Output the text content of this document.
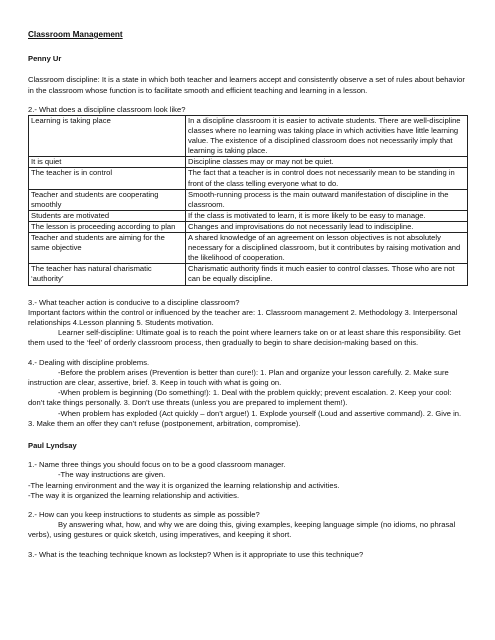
Classroom Management

Penny Ur

Classroom discipline: It is a state in which both teacher and learners accept and consistently observe a set of rules about behavior in the classroom whose function is to facilitate smooth and efficient teaching and learning in a lesson.

2.- What does a discipline classroom look like?

Learning is taking place	In a discipline classroom it is easier to activate students. There are well-discipline classes where no learning was taking place in which activities have little learning value. The existence of a disciplined classroom does not necessarily imply that learning is taking place.
It is quiet	Discipline classes may or may not be quiet.
The teacher is in control	The fact that a teacher is in control does not necessarily mean to be standing in front of the class telling everyone what to do.
Teacher and students are cooperating smoothly	Smooth-running process is the main outward manifestation of discipline in the classroom.
Students are motivated	If the class is motivated to learn, it is more likely to be easy to manage.
The lesson is proceeding according to plan	Changes and improvisations do not necessarily lead to indiscipline.
Teacher and students are aiming for the same objective	A shared knowledge of an agreement on lesson objectives is not absolutely necessary for a disciplined classroom, but it contributes by raising motivation and the likelihood of cooperation.
The teacher has natural charismatic ‘authority’	Charismatic authority finds it much easier to control classes. Those who are not can be equally discipline.

3.- What teacher action is conducive to a discipline classroom?

Important factors within the control or influenced by the teacher are: 1. Classroom management 2. Methodology 3. Interpersonal relationships 4.Lesson planning 5. Students motivation.

Learner self-discipline: Ultimate goal is to reach the point where learners take on or at least share this responsibility. Get them used to the ‘feel’ of orderly classroom process, then gradually to begin to share decision-making based on this.

4.- Dealing with discipline problems.

-Before the problem arises (Prevention is better than cure!): 1. Plan and organize your lesson carefully. 2. Make sure instruction are clear, assertive, brief. 3. Keep in touch with what is going on.

-When problem is beginning (Do something!): 1. Deal with the problem quickly; prevent escalation. 2. Keep your cool: don’t take things personally. 3. Don’t use threats (unless you are prepared to implement them!).

-When problem has exploded (Act quickly – don’t argue!) 1. Explode yourself (Loud and assertive command). 2. Give in. 3. Make them an offer they can’t refuse (postponement, arbitration, compromise).

Paul Lyndsay

1.- Name three things you should focus on to be a good classroom manager.

-The way instructions are given.

-The learning environment and the way it is organized the learning relationship and activities.

-The way it is organized the learning relationship and activities.

2.- How can you keep instructions to students as simple as possible?

By answering what, how, and why we are doing this, giving examples, keeping language simple (no idioms, no phrasal verbs), using gestures or quick sketch, using imperatives, and keeping it short.

3.- What is the teaching technique known as lockstep? When is it appropriate to use this technique?
